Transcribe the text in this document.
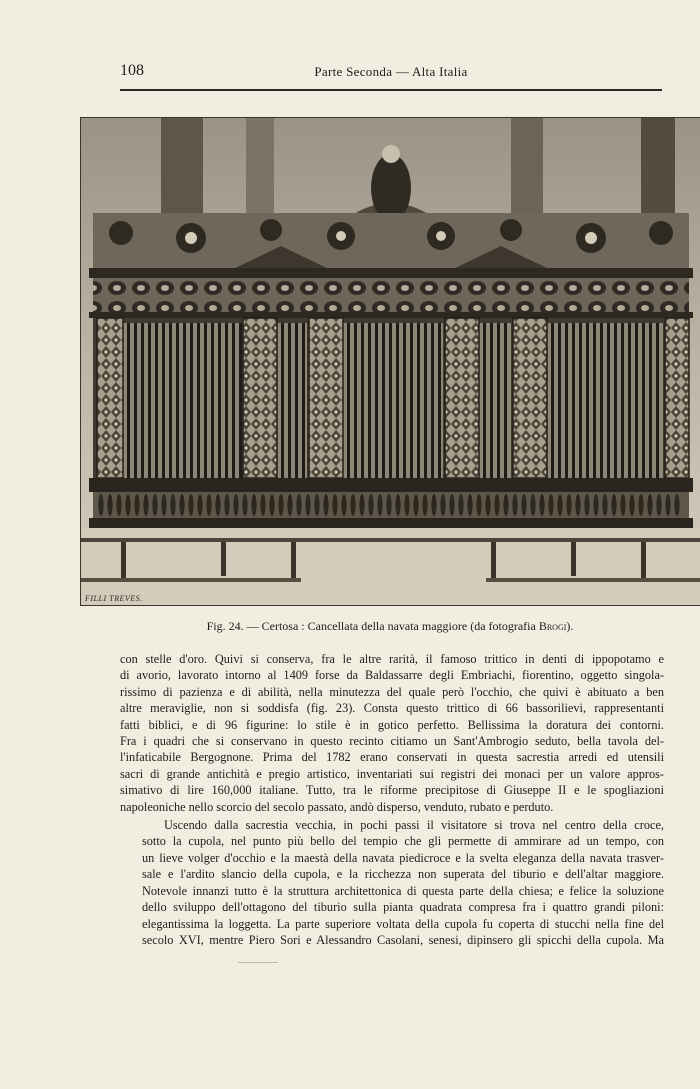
108	Parte Seconda — Alta Italia
FILLI TREVES.
Fig. 24. — Certosa : Cancellata della navata maggiore (da fotografia Brogi).

con stelle d'oro. Quivi si conserva, fra le altre rarità, il famoso trittico in denti di ippopotamo e
di avorio, lavorato intorno al 1409 forse da Baldassarre degli Embriachi, fiorentino, oggetto singola-
rissimo di pazienza e di abilità, nella minutezza del quale però l'occhio, che quivi è abituato a ben
altre meraviglie, non si soddisfa (fig. 23). Consta questo trittico di 66 bassorilievi, rappresentanti
fatti biblici, e di 96 figurine: lo stile è in gotico perfetto. Bellissima la doratura dei contorni.
Fra i quadri che si conservano in questo recinto citiamo un Sant'Ambrogio seduto, bella tavola del-
l'infaticabile Bergognone. Prima del 1782 erano conservati in questa sacrestia arredi ed utensili
sacri di grande antichità e pregio artistico, inventariati sui registri dei monaci per un valore appros-
simativo di lire 160,000 italiane. Tutto, tra le riforme precipitose di Giuseppe II e le spogliazioni
napoleoniche nello scorcio del secolo passato, andò disperso, venduto, rubato e perduto.

Uscendo dalla sacrestia vecchia, in pochi passi il visitatore si trova nel centro della croce,
sotto la cupola, nel punto più bello del tempio che gli permette di ammirare ad un tempo, con
un lieve volger d'occhio e la maestà della navata piedicroce e la svelta eleganza della navata trasver-
sale e l'ardito slancio della cupola, e la ricchezza non superata del tiburio e dell'altar maggiore.
Notevole innanzi tutto è la struttura architettonica di questa parte della chiesa; e felice la soluzione
dello sviluppo dell'ottagono del tiburio sulla pianta quadrata compresa fra i quattro grandi piloni:
elegantissima la loggetta. La parte superiore voltata della cupola fu coperta di stucchi nella fine del
secolo XVI, mentre Piero Sori e Alessandro Casolani, senesi, dipinsero gli spicchi della cupola. Ma
